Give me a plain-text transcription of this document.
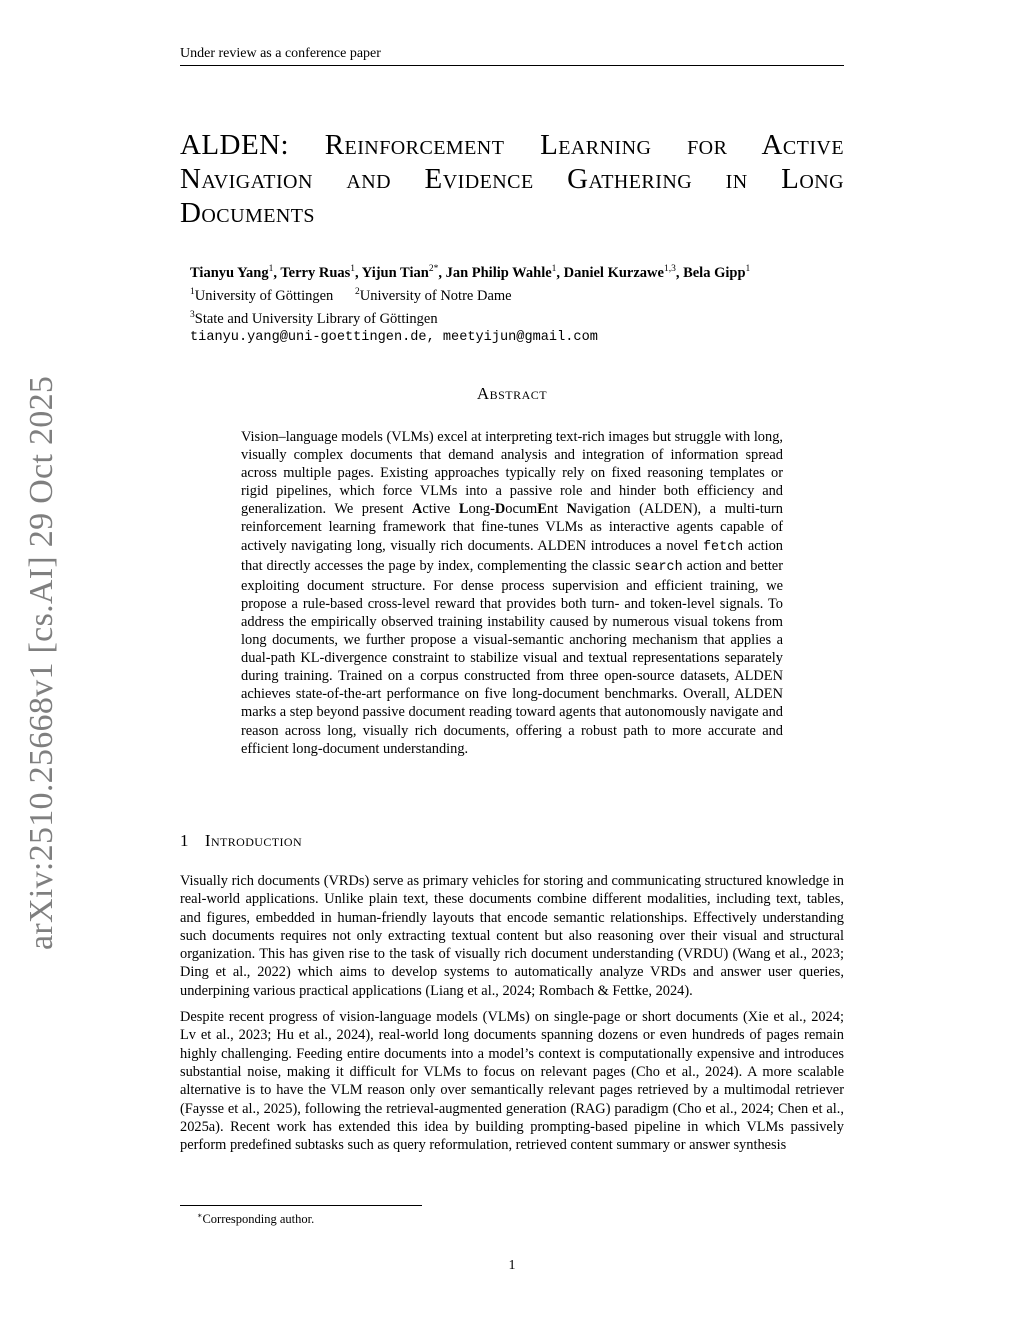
Under review as a conference paper
ALDEN: Reinforcement Learning for Active Navigation and Evidence Gathering in Long Documents
Tianyu Yang$^1$, Terry Ruas$^1$, Yijun Tian$^{2*}$, Jan Philip Wahle$^1$, Daniel Kurzawe$^{1,3}$, Bela Gipp$^1$
$^1$University of Göttingen $^2$University of Notre Dame
$^3$State and University Library of Göttingen
tianyu.yang@uni-goettingen.de, meetyijun@gmail.com
Abstract

Vision–language models (VLMs) excel at interpreting text-rich images but struggle with long, visually complex documents that demand analysis and integration of information spread across multiple pages. Existing approaches typically rely on fixed reasoning templates or rigid pipelines, which force VLMs into a passive role and hinder both efficiency and generalization. We present Active Long-DocumEnt Navigation (ALDEN), a multi-turn reinforcement learning framework that fine-tunes VLMs as interactive agents capable of actively navigating long, visually rich documents. ALDEN introduces a novel fetch action that directly accesses the page by index, complementing the classic search action and better exploiting document structure. For dense process supervision and efficient training, we propose a rule-based cross-level reward that provides both turn- and token-level signals. To address the empirically observed training instability caused by numerous visual tokens from long documents, we further propose a visual-semantic anchoring mechanism that applies a dual-path KL-divergence constraint to stabilize visual and textual representations separately during training. Trained on a corpus constructed from three open-source datasets, ALDEN achieves state-of-the-art performance on five long-document benchmarks. Overall, ALDEN marks a step beyond passive document reading toward agents that autonomously navigate and reason across long, visually rich documents, offering a robust path to more accurate and efficient long-document understanding.

1 Introduction

Visually rich documents (VRDs) serve as primary vehicles for storing and communicating structured knowledge in real-world applications. Unlike plain text, these documents combine different modalities, including text, tables, and figures, embedded in human-friendly layouts that encode semantic relationships. Effectively understanding such documents requires not only extracting textual content but also reasoning over their visual and structural organization. This has given rise to the task of visually rich document understanding (VRDU) (Wang et al., 2023; Ding et al., 2022) which aims to develop systems to automatically analyze VRDs and answer user queries, underpining various practical applications (Liang et al., 2024; Rombach & Fettke, 2024).

Despite recent progress of vision-language models (VLMs) on single-page or short documents (Xie et al., 2024; Lv et al., 2023; Hu et al., 2024), real-world long documents spanning dozens or even hundreds of pages remain highly challenging. Feeding entire documents into a model’s context is computationally expensive and introduces substantial noise, making it difficult for VLMs to focus on relevant pages (Cho et al., 2024). A more scalable alternative is to have the VLM reason only over semantically relevant pages retrieved by a multimodal retriever (Faysse et al., 2025), following the retrieval-augmented generation (RAG) paradigm (Cho et al., 2024; Chen et al., 2025a). Recent work has extended this idea by building prompting-based pipeline in which VLMs passively perform predefined subtasks such as query reformulation, retrieved content summary or answer synthesis

∗Corresponding author.
1
arXiv:2510.25668v1 [cs.AI] 29 Oct 2025
